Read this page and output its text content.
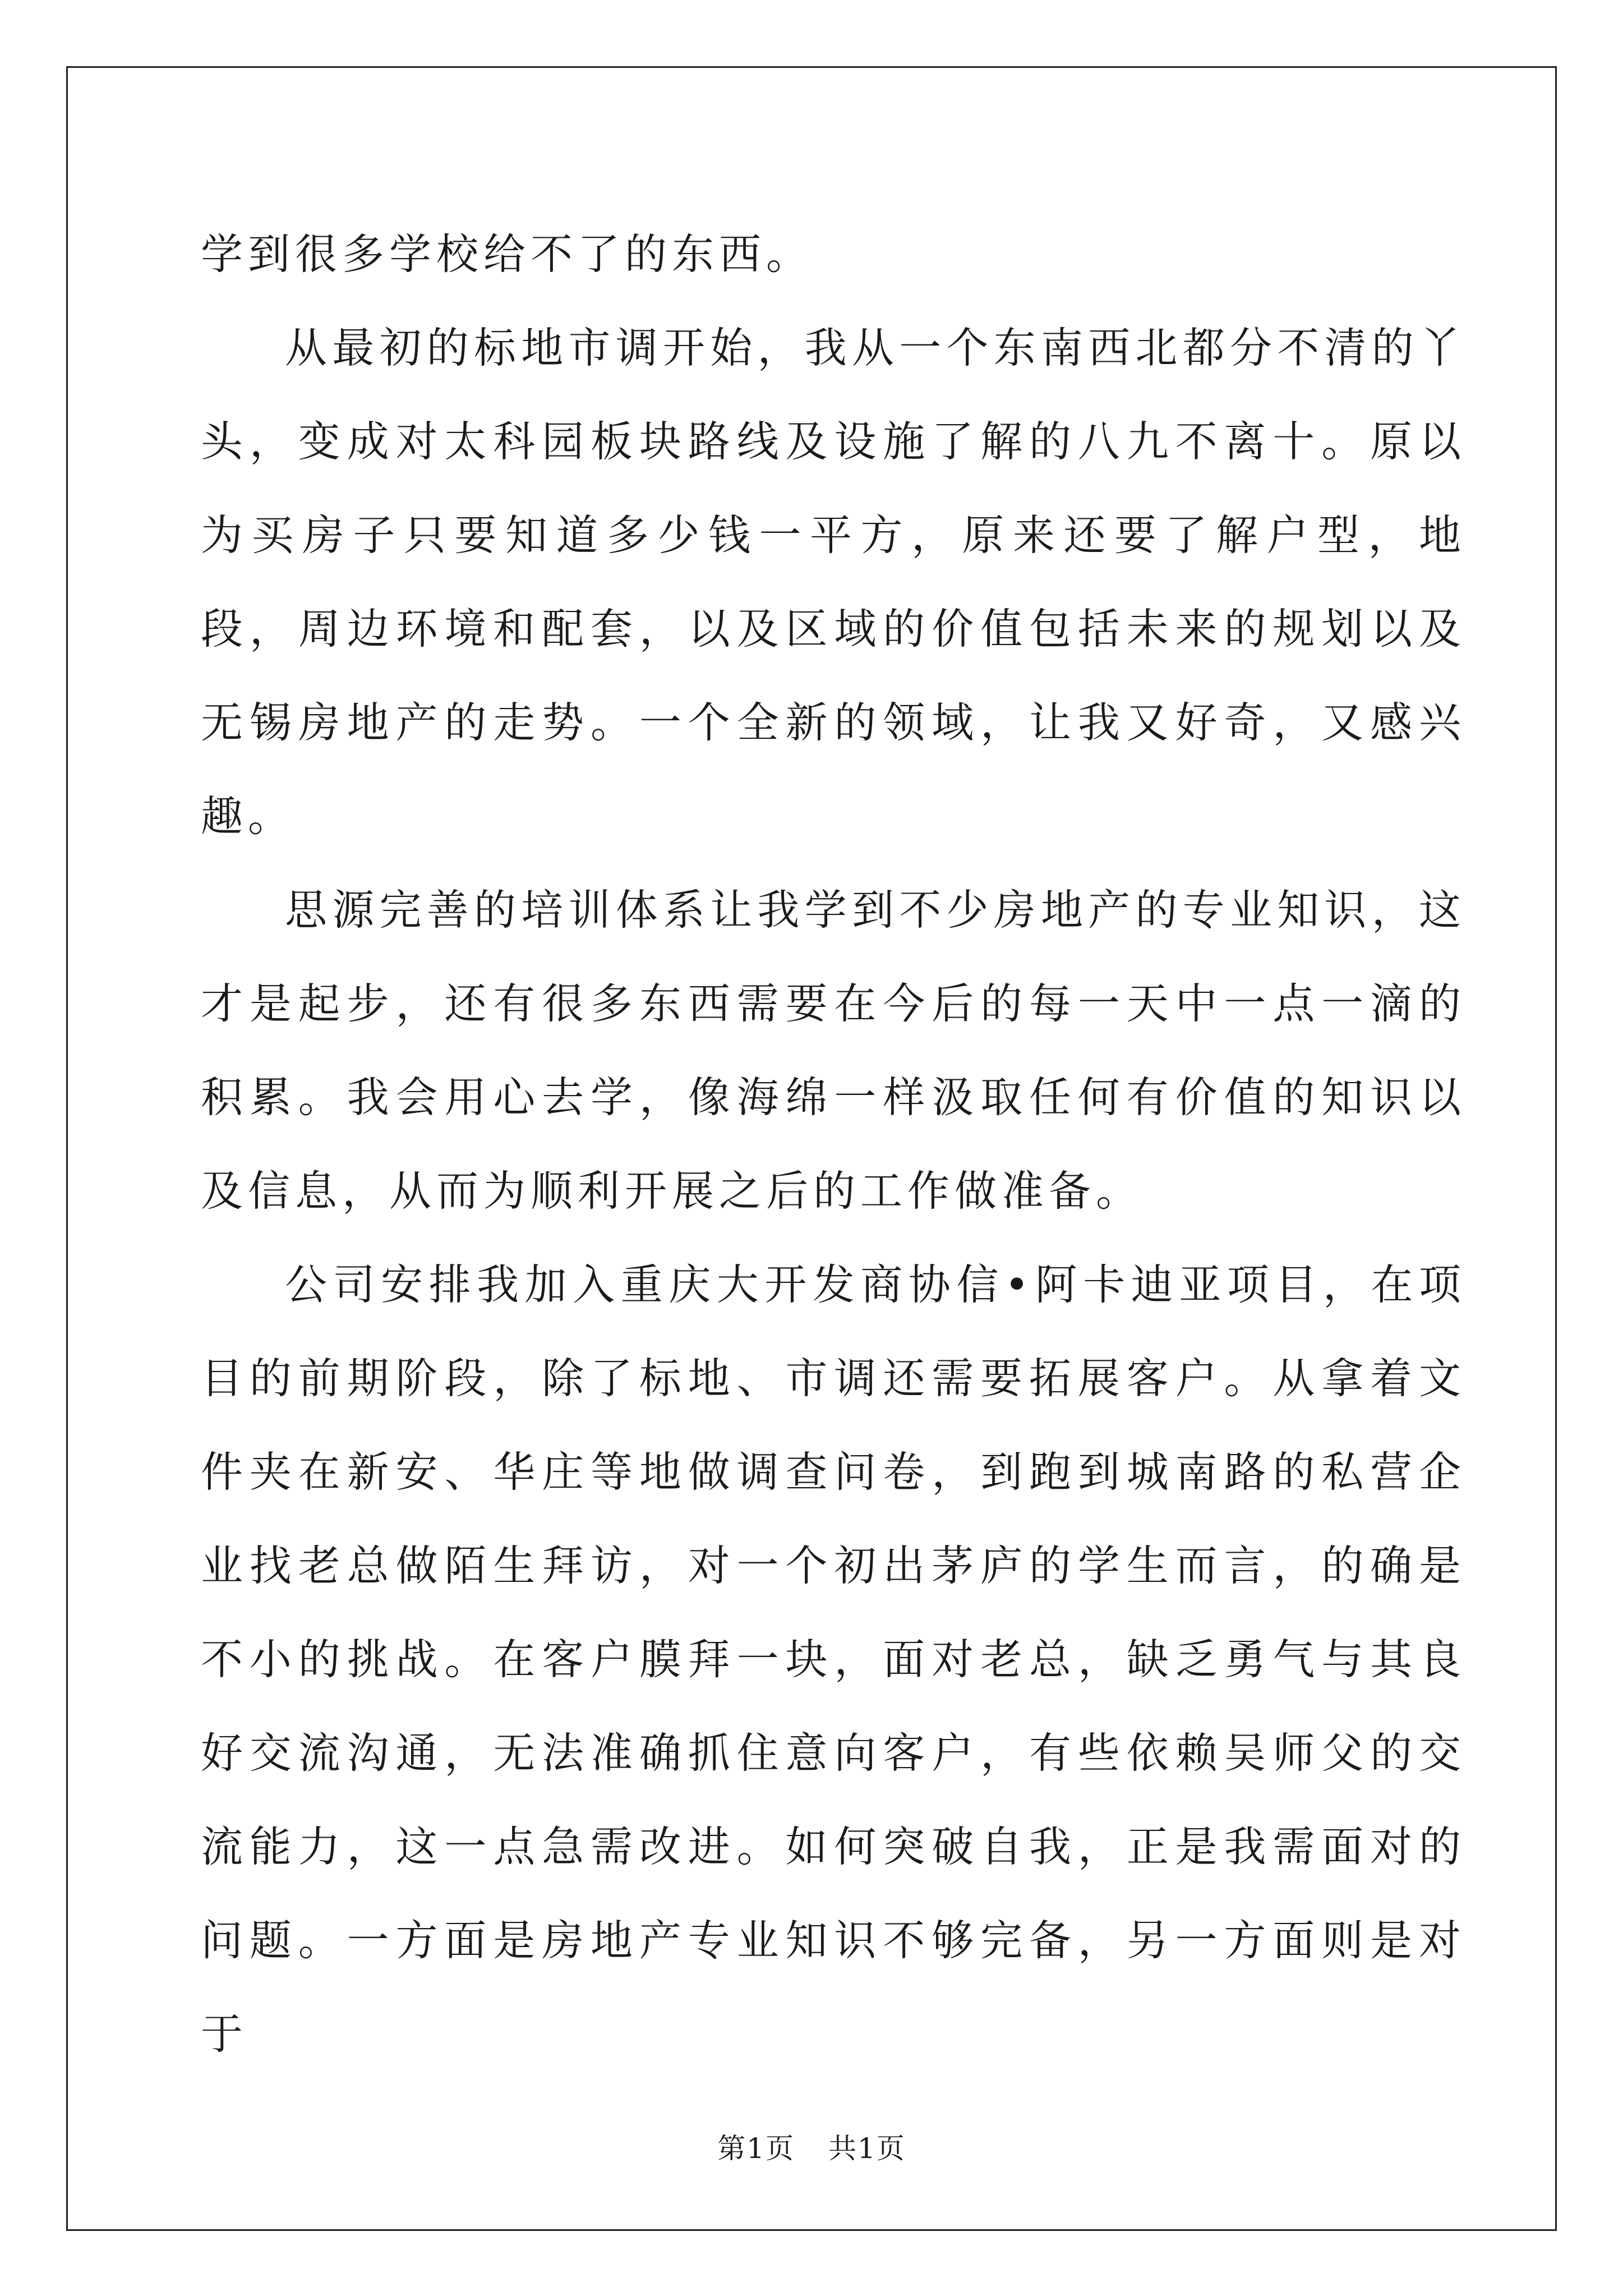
学到很多学校给不了的东西。

从最初的标地市调开始，我从一个东南西北都分不清的丫头，变成对太科园板块路线及设施了解的八九不离十。原以为买房子只要知道多少钱一平方，原来还要了解户型，地段，周边环境和配套，以及区域的价值包括未来的规划以及无锡房地产的走势。一个全新的领域，让我又好奇，又感兴趣。

思源完善的培训体系让我学到不少房地产的专业知识，这才是起步，还有很多东西需要在今后的每一天中一点一滴的积累。我会用心去学，像海绵一样汲取任何有价值的知识以及信息，从而为顺利开展之后的工作做准备。

公司安排我加入重庆大开发商协信•阿卡迪亚项目，在项目的前期阶段，除了标地、市调还需要拓展客户。从拿着文件夹在新安、华庄等地做调查问卷，到跑到城南路的私营企业找老总做陌生拜访，对一个初出茅庐的学生而言，的确是不小的挑战。在客户膜拜一块，面对老总，缺乏勇气与其良好交流沟通，无法准确抓住意向客户，有些依赖吴师父的交流能力，这一点急需改进。如何突破自我，正是我需面对的问题。一方面是房地产专业知识不够完备，另一方面则是对于

第1页 共1页
